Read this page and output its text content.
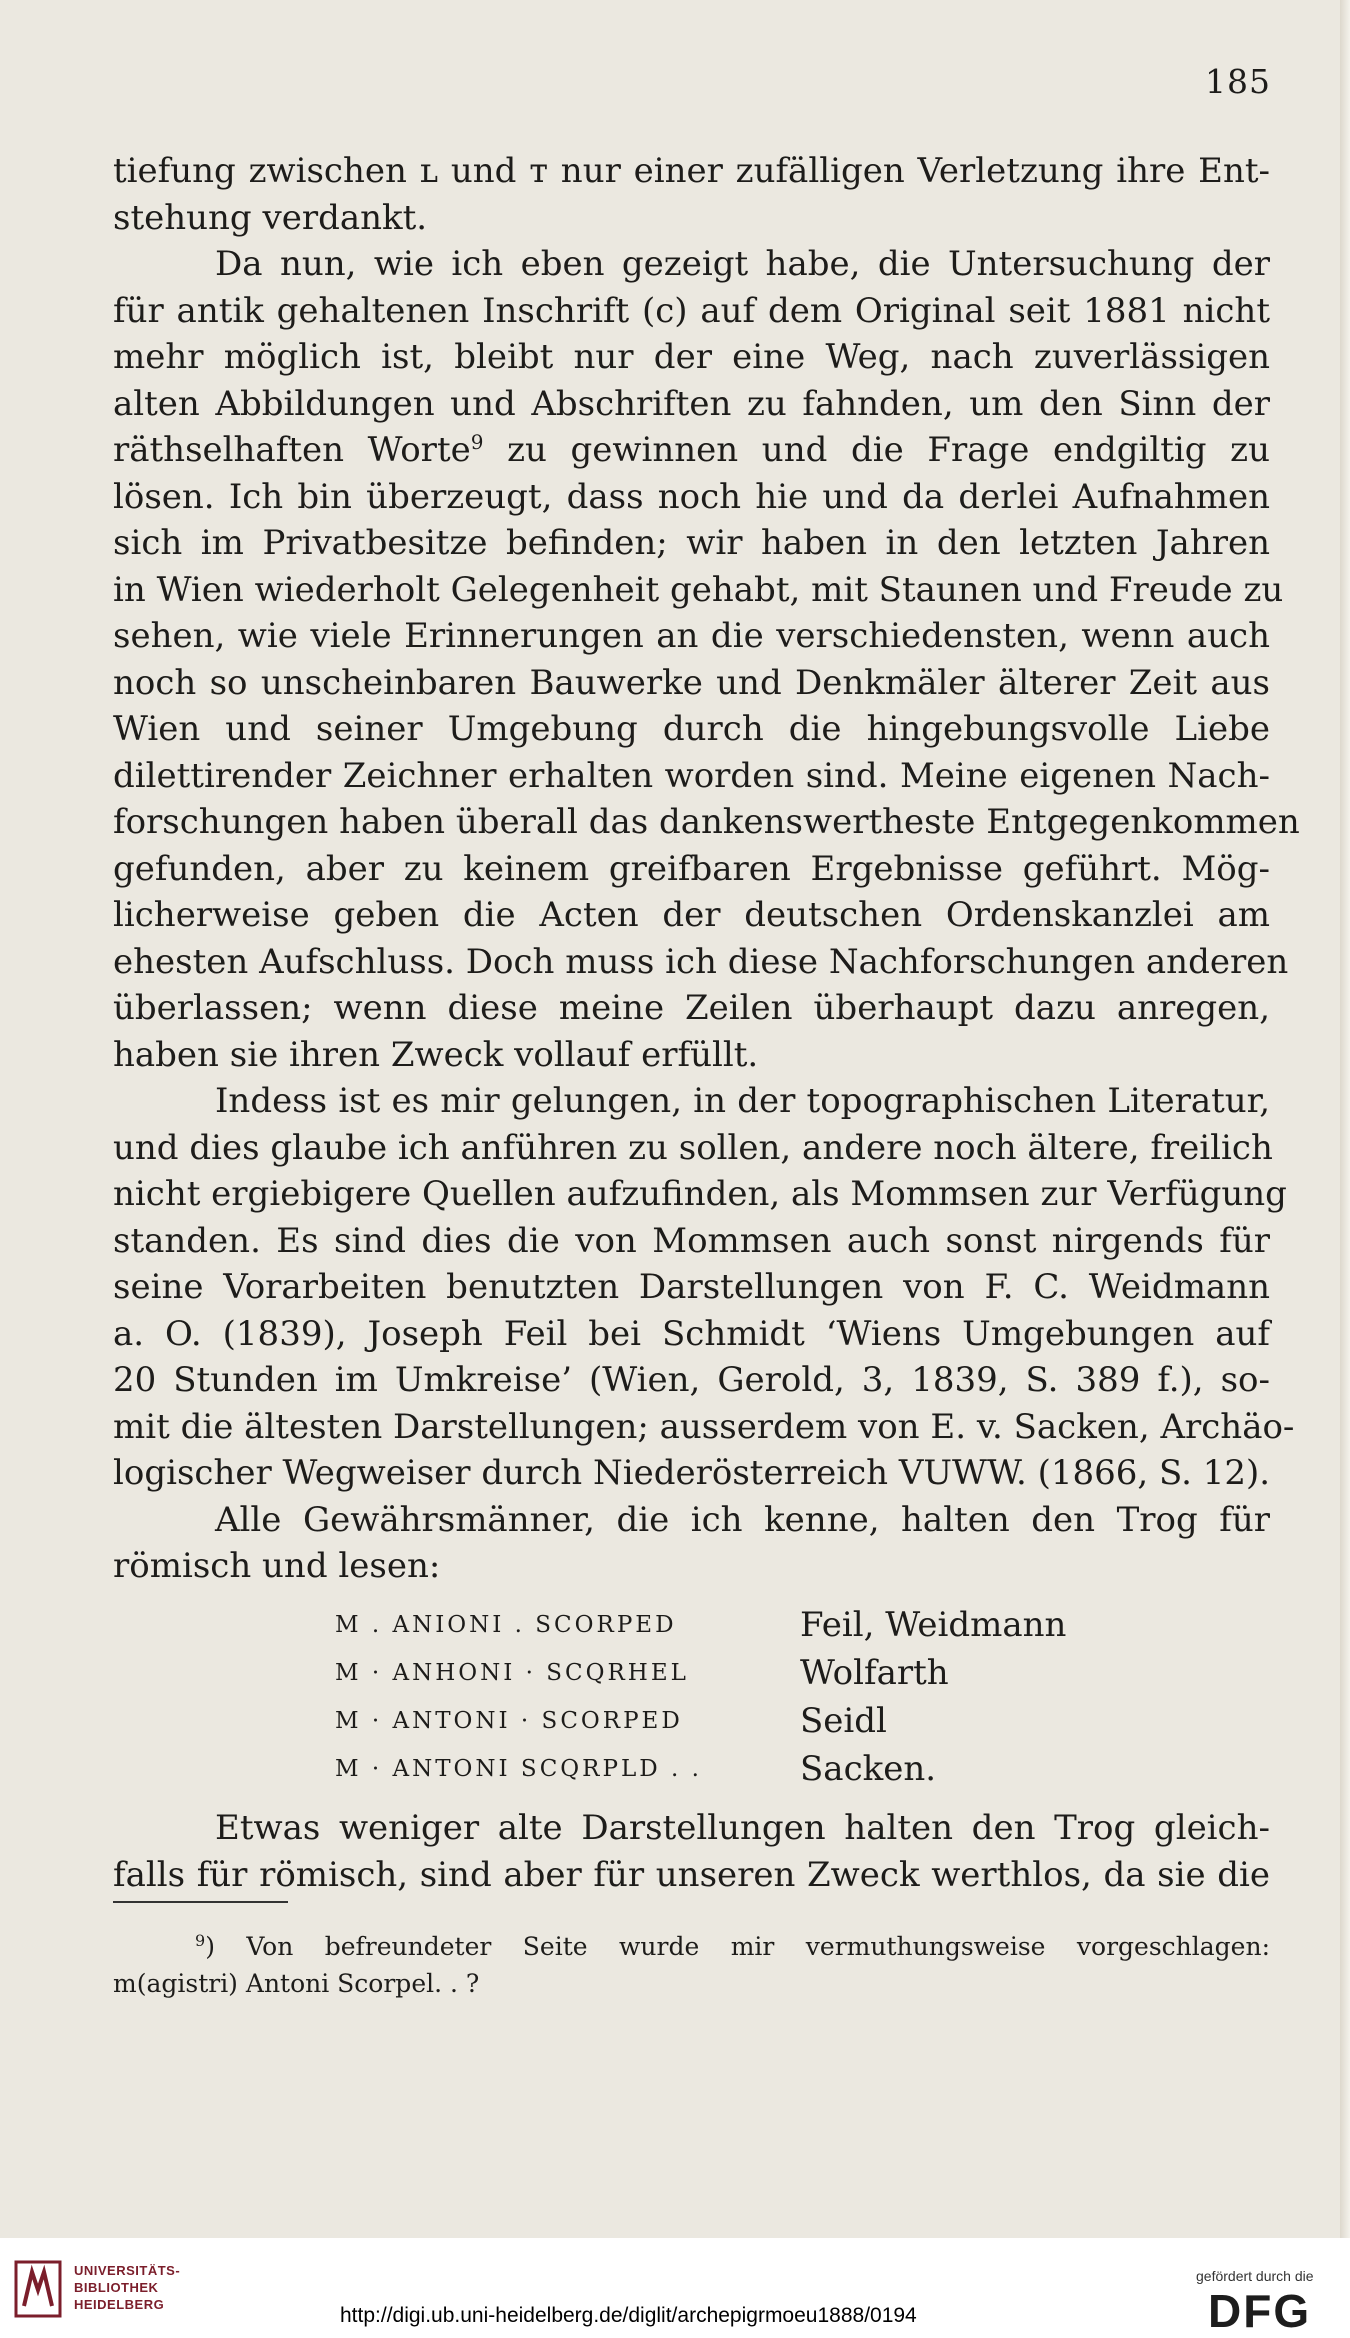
185
tiefung zwischen ʟ und ᴛ nur einer zufälligen Verletzung ihre Ent-
stehung verdankt.
Da nun, wie ich eben gezeigt habe, die Untersuchung der
für antik gehaltenen Inschrift (c) auf dem Original seit 1881 nicht
mehr möglich ist, bleibt nur der eine Weg, nach zuverlässigen
alten Abbildungen und Abschriften zu fahnden, um den Sinn der
räthselhaften Worte$^9$ zu gewinnen und die Frage endgiltig zu
lösen. Ich bin überzeugt, dass noch hie und da derlei Aufnahmen
sich im Privatbesitze befinden; wir haben in den letzten Jahren
in Wien wiederholt Gelegenheit gehabt, mit Staunen und Freude zu
sehen, wie viele Erinnerungen an die verschiedensten, wenn auch
noch so unscheinbaren Bauwerke und Denkmäler älterer Zeit aus
Wien und seiner Umgebung durch die hingebungsvolle Liebe
dilettirender Zeichner erhalten worden sind. Meine eigenen Nach-
forschungen haben überall das dankenswertheste Entgegenkommen
gefunden, aber zu keinem greifbaren Ergebnisse geführt. Mög-
licherweise geben die Acten der deutschen Ordenskanzlei am
ehesten Aufschluss. Doch muss ich diese Nachforschungen anderen
überlassen; wenn diese meine Zeilen überhaupt dazu anregen,
haben sie ihren Zweck vollauf erfüllt.
Indess ist es mir gelungen, in der topographischen Literatur,
und dies glaube ich anführen zu sollen, andere noch ältere, freilich
nicht ergiebigere Quellen aufzufinden, als Mommsen zur Verfügung
standen. Es sind dies die von Mommsen auch sonst nirgends für
seine Vorarbeiten benutzten Darstellungen von F. C. Weidmann
a. O. (1839), Joseph Feil bei Schmidt ‘Wiens Umgebungen auf
20 Stunden im Umkreise’ (Wien, Gerold, 3, 1839, S. 389 f.), so-
mit die ältesten Darstellungen; ausserdem von E. v. Sacken, Archäo-
logischer Wegweiser durch Niederösterreich VUWW. (1866, S. 12).
Alle Gewährsmänner, die ich kenne, halten den Trog für
römisch und lesen:
M . ANIONI . SCORPED	Feil, Weidmann
M · ANHONI · SCQRHEL	Wolfarth
M · ANTONI · SCORPED	Seidl
M · ANTONI SCQRPLD . .	Sacken.
Etwas weniger alte Darstellungen halten den Trog gleich-
falls für römisch, sind aber für unseren Zweck werthlos, da sie die
$^9$) Von befreundeter Seite wurde mir vermuthungsweise vorgeschlagen:
m(agistri) Antoni Scorpel. . ?
UNIVERSITÄTS-
BIBLIOTHEK
HEIDELBERG	http://digi.ub.uni-heidelberg.de/diglit/archepigrmoeu1888/0194
gefördert durch die
DFG
